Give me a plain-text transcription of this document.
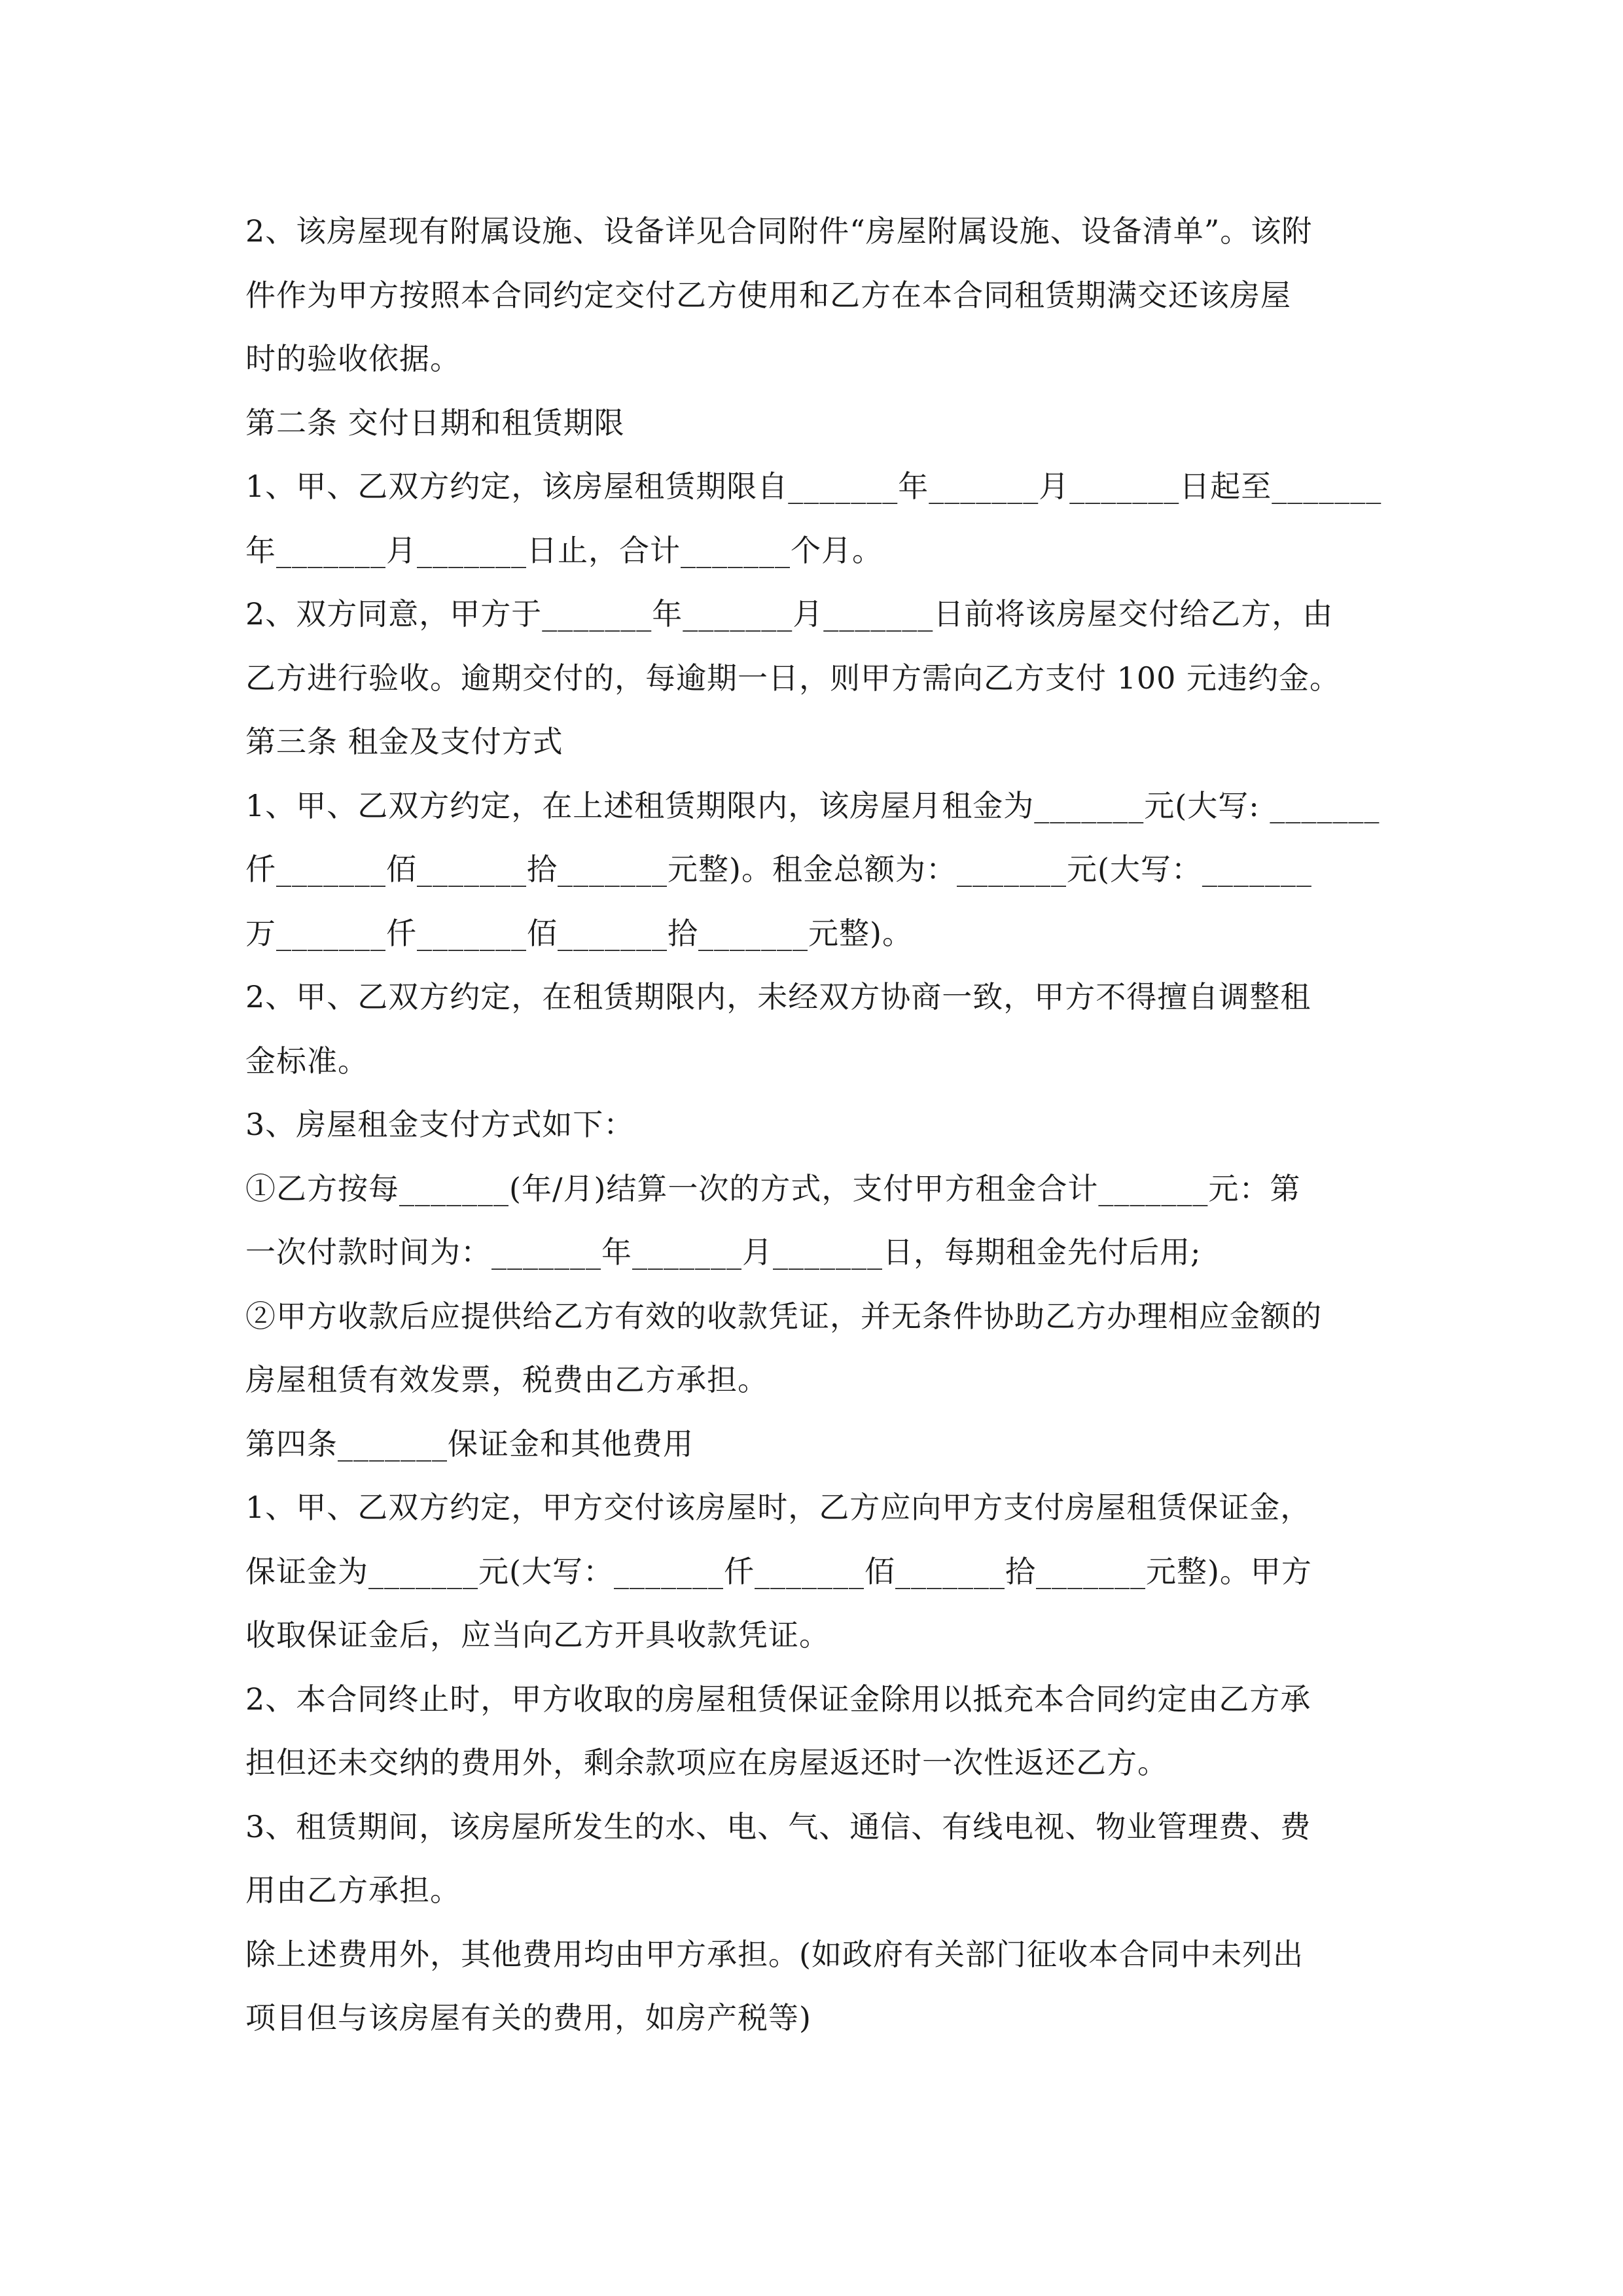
2、该房屋现有附属设施、设备详见合同附件“房屋附属设施、设备清单”。该附
件作为甲方按照本合同约定交付乙方使用和乙方在本合同租赁期满交还该房屋
时的验收依据。
第二条 交付日期和租赁期限
1、甲、乙双方约定，该房屋租赁期限自_______年_______月_______日起至_______
年_______月_______日止，合计_______个月。
2、双方同意，甲方于_______年_______月_______日前将该房屋交付给乙方，由
乙方进行验收。逾期交付的，每逾期一日，则甲方需向乙方支付 100 元违约金。
第三条 租金及支付方式
1、甲、乙双方约定，在上述租赁期限内，该房屋月租金为_______元(大写: _______
仟_______佰_______拾_______元整)。租金总额为：_______元(大写：_______
万_______仟_______佰_______拾_______元整)。
2、甲、乙双方约定，在租赁期限内，未经双方协商一致，甲方不得擅自调整租
金标准。
3、房屋租金支付方式如下：
①乙方按每_______(年/月)结算一次的方式，支付甲方租金合计_______元：第
一次付款时间为：_______年_______月_______日，每期租金先付后用;
②甲方收款后应提供给乙方有效的收款凭证，并无条件协助乙方办理相应金额的
房屋租赁有效发票，税费由乙方承担。
第四条_______保证金和其他费用
1、甲、乙双方约定，甲方交付该房屋时，乙方应向甲方支付房屋租赁保证金，
保证金为_______元(大写：_______仟_______佰_______拾_______元整)。甲方
收取保证金后，应当向乙方开具收款凭证。
2、本合同终止时，甲方收取的房屋租赁保证金除用以抵充本合同约定由乙方承
担但还未交纳的费用外，剩余款项应在房屋返还时一次性返还乙方。
3、租赁期间，该房屋所发生的水、电、气、通信、有线电视、物业管理费、费
用由乙方承担。
除上述费用外，其他费用均由甲方承担。(如政府有关部门征收本合同中未列出
项目但与该房屋有关的费用，如房产税等)
